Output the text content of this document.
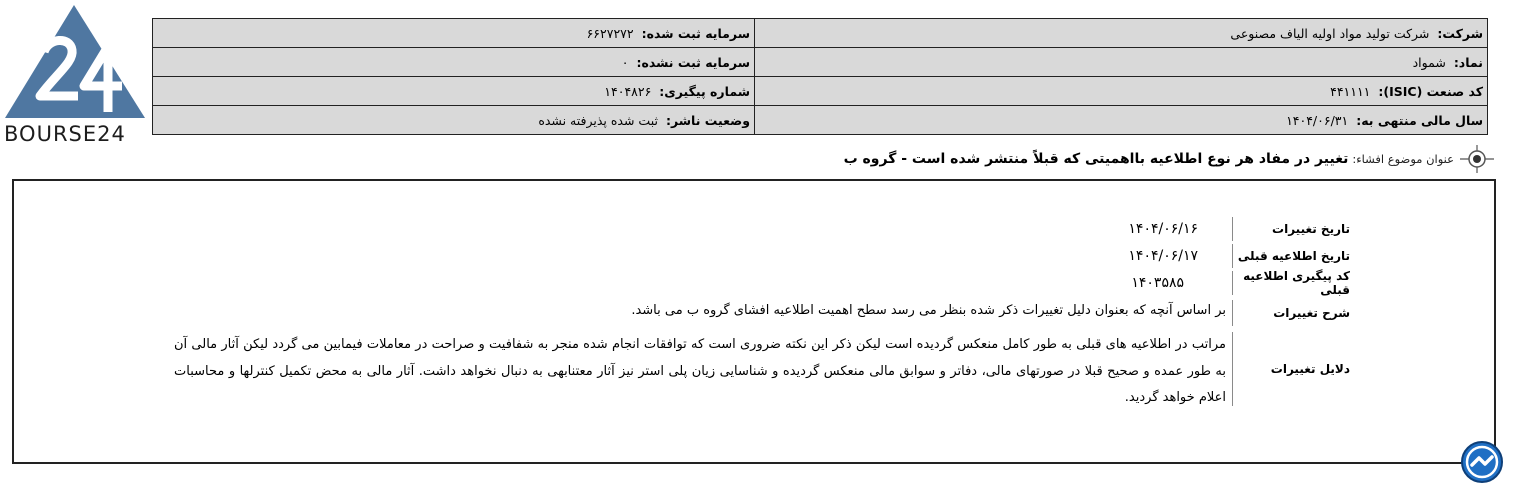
BOURSE24
شرکت:
شرکت تولید مواد اولیه الیاف مصنوعی
سرمایه ثبت شده:
۶۶۲۷۲۷۲
نماد:
شمواد
سرمایه ثبت نشده:
۰
کد صنعت (ISIC):
۴۴۱۱۱۱
شماره پیگیری:
۱۴۰۴۸۲۶
سال مالی منتهی به:
۱۴۰۴/۰۶/۳۱
وضعیت ناشر:
ثبت شده پذیرفته نشده
عنوان موضوع افشاء:
تغییر در مفاد هر نوع اطلاعیه بااهمیتی که قبلاً منتشر شده است - گروه ب
تاریخ تغییرات
۱۴۰۴/۰۶/۱۶
تاریخ اطلاعیه قبلی
۱۴۰۴/۰۶/۱۷
کد پیگیری اطلاعیه قبلی
۱۴۰۳۵۸۵
شرح تغییرات
بر اساس آنچه که بعنوان دلیل تغییرات ذکر شده بنظر می رسد سطح اهمیت اطلاعیه افشای گروه ب می باشد.
دلایل تغییرات
مراتب در اطلاعیه های قبلی به طور کامل منعکس گردیده است لیکن ذکر این نکته ضروری است که توافقات انجام شده منجر به شفافیت و صراحت در معاملات فیمابین می گردد لیکن آثار مالی آن به طور عمده و صحیح قبلا در صورتهای مالی، دفاتر و سوابق مالی منعکس گردیده و شناسایی زیان پلی استر نیز آثار معتنابهی به دنبال نخواهد داشت. آثار مالی به محض تکمیل کنترلها و محاسبات اعلام خواهد گردید.
